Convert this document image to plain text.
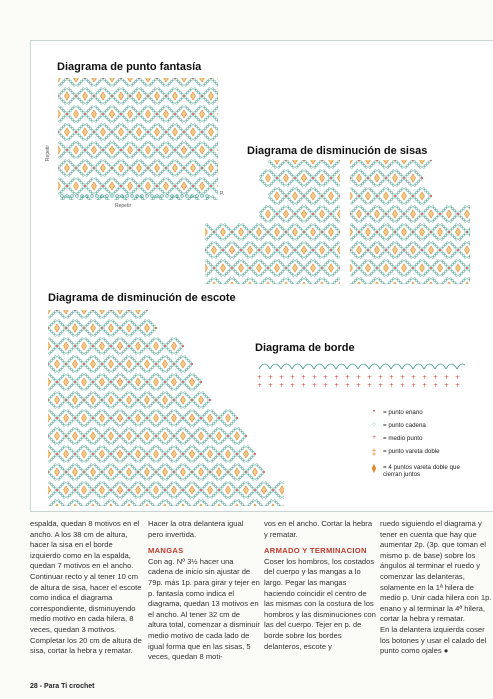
Diagrama de punto fantasía
Diagrama de disminución de sisas
Diagrama de disminución de escote
Diagrama de borde
Repetir
Repetir
P.
+
+
+
+
+
+
+
+
+
+
+
+
+
+
+
+
+
+
+
+
+
+
+
+
+
+
+
+
+
+
+
+
+
+
+
+
+
+
•	= punto enano
○	= punto cadena
+	= medio punto
‡	= punto vareta doble
⧫	= 4 puntos vareta doble que cierran juntos

espalda, quedan 8 motivos en el ancho. A los 38 cm de altura, hacer la sisa en el borde izquierdo como en la espalda, quedan 7 motivos en el ancho. Continuar recto y al tener 10 cm de altura de sisa, hacer el escote como indica el diagrama correspondiente, disminuyendo medio motivo en cada hilera, 8 veces, quedan 3 motivos. Completar los 20 cm de altura de sisa, cortar la hebra y rematar.

Hacer la otra delantera igual pero invertida.

MANGAS

Con ag. Nº 3½ hacer una cadena de inicio sin ajustar de 79p. más 1p. para girar y tejer en p. fantasía como indica el diagrama, quedan 13 motivos en el ancho. Al tener 32 cm de altura total, comenzar a disminuir medio motivo de cada lado de igual forma que en las sisas, 5 veces, quedan 8 moti-

vos en el ancho. Cortar la hebra y rematar.

ARMADO Y TERMINACION

Coser los hombros, los costados del cuerpo y las mangas a lo largo. Pegar las mangas haciendo coincidir el centro de las mismas con la costura de los hombros y las disminuciones con las del cuerpo. Tejer en p. de borde sobre los bordes delanteros, escote y

ruedo siguiendo el diagrama y tener en cuenta que hay que aumentar 2p. (3p. que toman el mismo p. de base) sobre los ángulos al terminar el ruedo y comenzar las delanteras, solamente en la 1ª hilera de medio p. Unir cada hilera con 1p. enano y al terminar la 4ª hilera, cortar la hebra y rematar.

En la delantera izquierda coser los botones y usar el calado del punto como ojales ●

28 - Para Ti crochet
